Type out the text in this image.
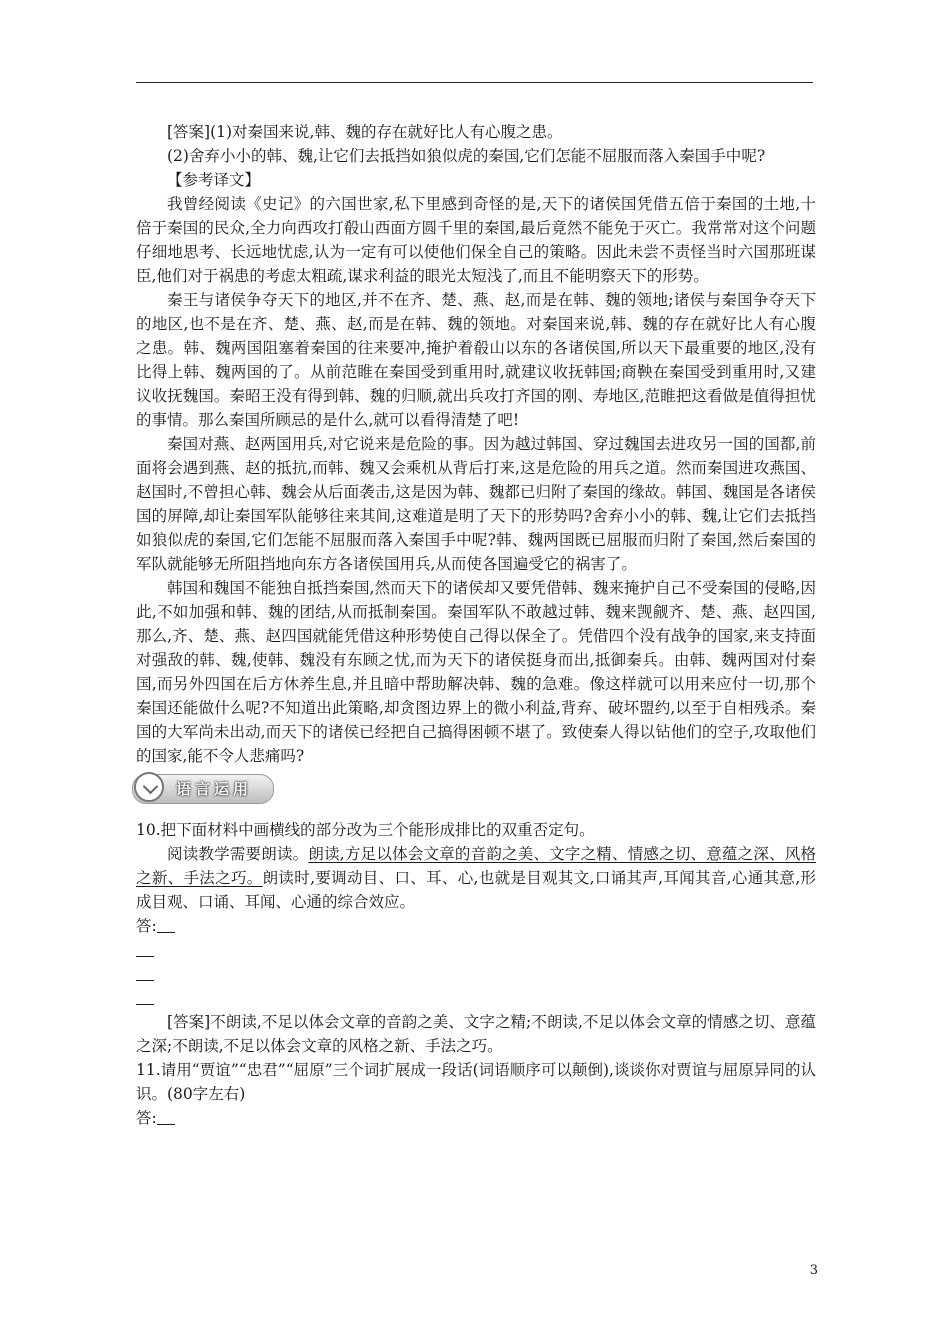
[答案](1)对秦国来说,韩、魏的存在就好比人有心腹之患。

(2)舍弃小小的韩、魏,让它们去抵挡如狼似虎的秦国,它们怎能不屈服而落入秦国手中呢?

【参考译文】

我曾经阅读《史记》的六国世家,私下里感到奇怪的是,天下的诸侯国凭借五倍于秦国的土地,十倍于秦国的民众,全力向西攻打殽山西面方圆千里的秦国,最后竟然不能免于灭亡。我常常对这个问题仔细地思考、长远地忧虑,认为一定有可以使他们保全自己的策略。因此未尝不责怪当时六国那班谋臣,他们对于祸患的考虑太粗疏,谋求利益的眼光太短浅了,而且不能明察天下的形势。

秦王与诸侯争夺天下的地区,并不在齐、楚、燕、赵,而是在韩、魏的领地;诸侯与秦国争夺天下的地区,也不是在齐、楚、燕、赵,而是在韩、魏的领地。对秦国来说,韩、魏的存在就好比人有心腹之患。韩、魏两国阻塞着秦国的往来要冲,掩护着殽山以东的各诸侯国,所以天下最重要的地区,没有比得上韩、魏两国的了。从前范睢在秦国受到重用时,就建议收抚韩国;商鞅在秦国受到重用时,又建议收抚魏国。秦昭王没有得到韩、魏的归顺,就出兵攻打齐国的刚、寿地区,范睢把这看做是值得担忧的事情。那么秦国所顾忌的是什么,就可以看得清楚了吧!

秦国对燕、赵两国用兵,对它说来是危险的事。因为越过韩国、穿过魏国去进攻另一国的国都,前面将会遇到燕、赵的抵抗,而韩、魏又会乘机从背后打来,这是危险的用兵之道。然而秦国进攻燕国、赵国时,不曾担心韩、魏会从后面袭击,这是因为韩、魏都已归附了秦国的缘故。韩国、魏国是各诸侯国的屏障,却让秦国军队能够往来其间,这难道是明了天下的形势吗?舍弃小小的韩、魏,让它们去抵挡如狼似虎的秦国,它们怎能不屈服而落入秦国手中呢?韩、魏两国既已屈服而归附了秦国,然后秦国的军队就能够无所阻挡地向东方各诸侯国用兵,从而使各国遍受它的祸害了。

韩国和魏国不能独自抵挡秦国,然而天下的诸侯却又要凭借韩、魏来掩护自己不受秦国的侵略,因此,不如加强和韩、魏的团结,从而抵制秦国。秦国军队不敢越过韩、魏来觊觎齐、楚、燕、赵四国,那么,齐、楚、燕、赵四国就能凭借这种形势使自己得以保全了。凭借四个没有战争的国家,来支持面对强敌的韩、魏,使韩、魏没有东顾之忧,而为天下的诸侯挺身而出,抵御秦兵。由韩、魏两国对付秦国,而另外四国在后方休养生息,并且暗中帮助解决韩、魏的急难。像这样就可以用来应付一切,那个秦国还能做什么呢?不知道出此策略,却贪图边界上的微小利益,背弃、破坏盟约,以至于自相残杀。秦国的大军尚未出动,而天下的诸侯已经把自己搞得困顿不堪了。致使秦人得以钻他们的空子,攻取他们的国家,能不令人悲痛吗?

语言运用

10.把下面材料中画横线的部分改为三个能形成排比的双重否定句。

阅读教学需要朗读。朗读,方足以体会文章的音韵之美、文字之精、情感之切、意蕴之深、风格之新、手法之巧。朗读时,要调动目、口、耳、心,也就是目观其文,口诵其声,耳闻其音,心通其意,形成目观、口诵、耳闻、心通的综合效应。

答:

[答案]不朗读,不足以体会文章的音韵之美、文字之精;不朗读,不足以体会文章的情感之切、意蕴之深;不朗读,不足以体会文章的风格之新、手法之巧。

11.请用“贾谊”“忠君”“屈原”三个词扩展成一段话(词语顺序可以颠倒),谈谈你对贾谊与屈原异同的认识。(80字左右)

答:

3
